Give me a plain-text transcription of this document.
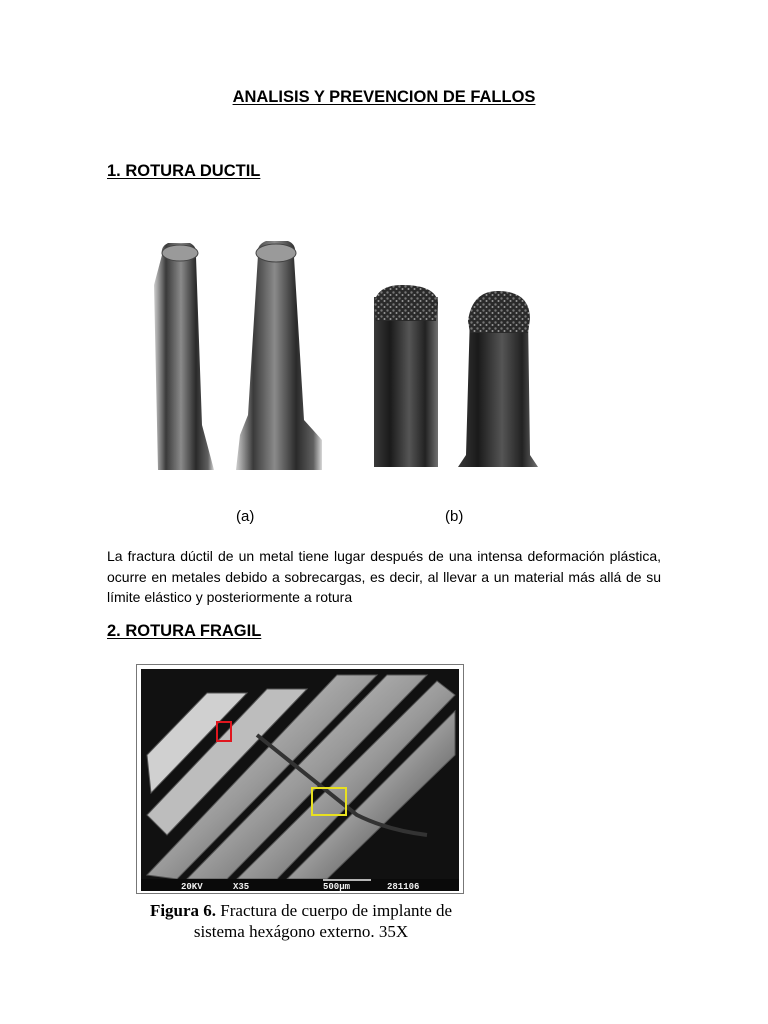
ANALISIS Y PREVENCION DE FALLOS
1. ROTURA DUCTIL
(a)	(b)
La fractura dúctil de un metal tiene lugar después de una intensa deformación plástica, ocurre en metales debido a sobrecargas, es decir, al llevar a un material más allá de su límite elástico y posteriormente a rotura
2. ROTURA FRAGIL
20KV	X35	500μm	281106
Figura 6. Fractura de cuerpo de implante de sistema hexágono externo. 35X
